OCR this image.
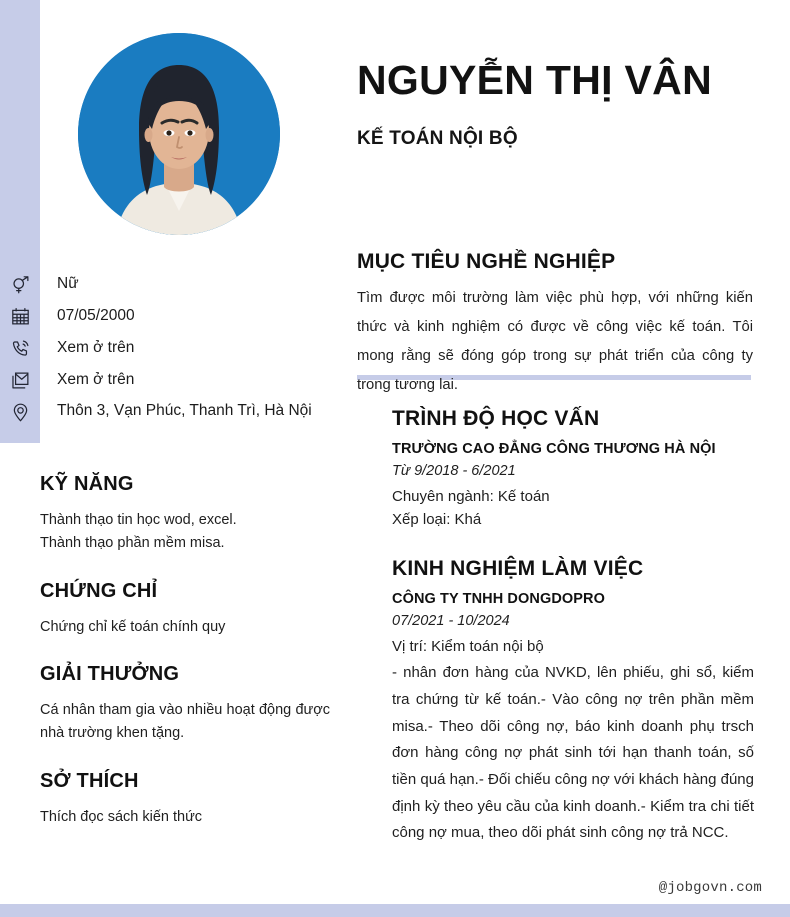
NGUYỄN THỊ VÂN
KẾ TOÁN NỘI BỘ
Nữ
07/05/2000
Xem ở trên
Xem ở trên
Thôn 3, Vạn Phúc, Thanh Trì, Hà Nội
KỸ NĂNG

Thành thạo tin học wod, excel.

Thành thạo phần mềm misa.

CHỨNG CHỈ

Chứng chỉ kế toán chính quy

GIẢI THƯỞNG

Cá nhân tham gia vào nhiều hoạt động được nhà trường khen tặng.

SỞ THÍCH

Thích đọc sách kiến thức

MỤC TIÊU NGHỀ NGHIỆP

Tìm được môi trường làm việc phù hợp, với những kiến thức và kinh nghiệm có được về công việc kế toán. Tôi mong rằng sẽ đóng góp trong sự phát triển của công ty trong tương lai.

TRÌNH ĐỘ HỌC VẤN
TRƯỜNG CAO ĐẲNG CÔNG THƯƠNG HÀ NỘI
Từ 9/2018 - 6/2021
Chuyên ngành: Kế toán
Xếp loại: Khá
KINH NGHIỆM LÀM VIỆC
CÔNG TY TNHH DONGDOPRO
07/2021 - 10/2024
Vị trí: Kiểm toán nội bộ

- nhân đơn hàng của NVKD, lên phiếu, ghi sổ, kiểm tra chứng từ kế toán.- Vào công nợ trên phần mềm misa.- Theo dõi công nợ, báo kinh doanh phụ trsch đơn hàng công nợ phát sinh tới hạn thanh toán, số tiền quá hạn.- Đối chiếu công nợ với khách hàng đúng định kỳ theo yêu cầu của kinh doanh.- Kiểm tra chi tiết công nợ mua, theo dõi phát sinh công nợ trả NCC.

@jobgovn.com
